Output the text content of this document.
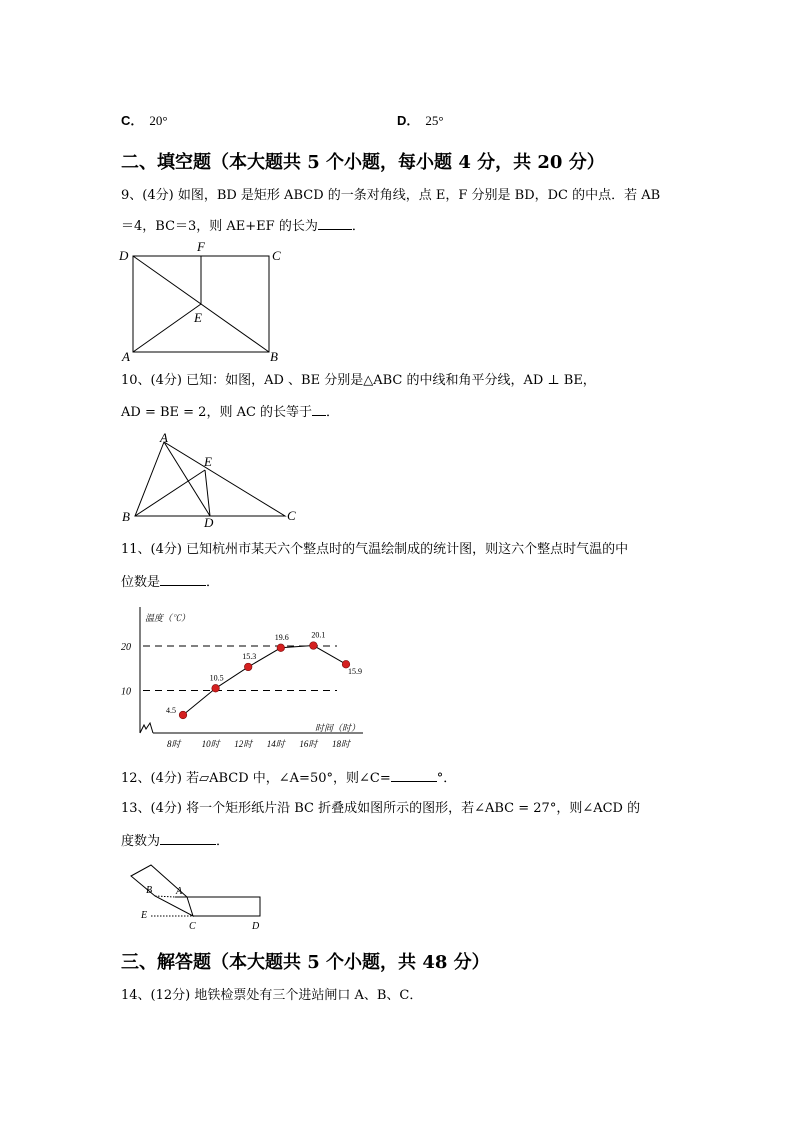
C． 20°	D． 25°
二、填空题（本大题共 5 个小题，每小题 4 分，共 20 分）
9、(4分) 如图，BD 是矩形 ABCD 的一条对角线，点 E，F 分别是 BD，DC 的中点．若 AB
＝4，BC＝3，则 AE+EF 的长为	．
D
F
C
E
A	B
10、(4分) 已知：如图，AD 、BE 分别是△ABC 的中线和角平分线，AD ⊥ BE，
AD = BE = 2，则 AC 的长等于 ．
A
E
B	D	C
11、(4分) 已知杭州市某天六个整点时的气温绘制成的统计图，则这六个整点时气温的中
位数是	．
温度（℃）
时间（时）
10
20
8时 10时 12时 14时 16时 18时
4.5
10.5
15.3
19.6	20.1
15.9
12、(4分) 若▱ABCD 中，∠A=50°，则∠C=	°．
13、(4分) 将一个矩形纸片沿 BC 折叠成如图所示的图形，若∠ABC = 27°，则∠ACD 的
度数为	．
B A
E
C	D
三、解答题（本大题共 5 个小题，共 48 分）
14、(12分) 地铁检票处有三个进站闸口 A、B、C．
